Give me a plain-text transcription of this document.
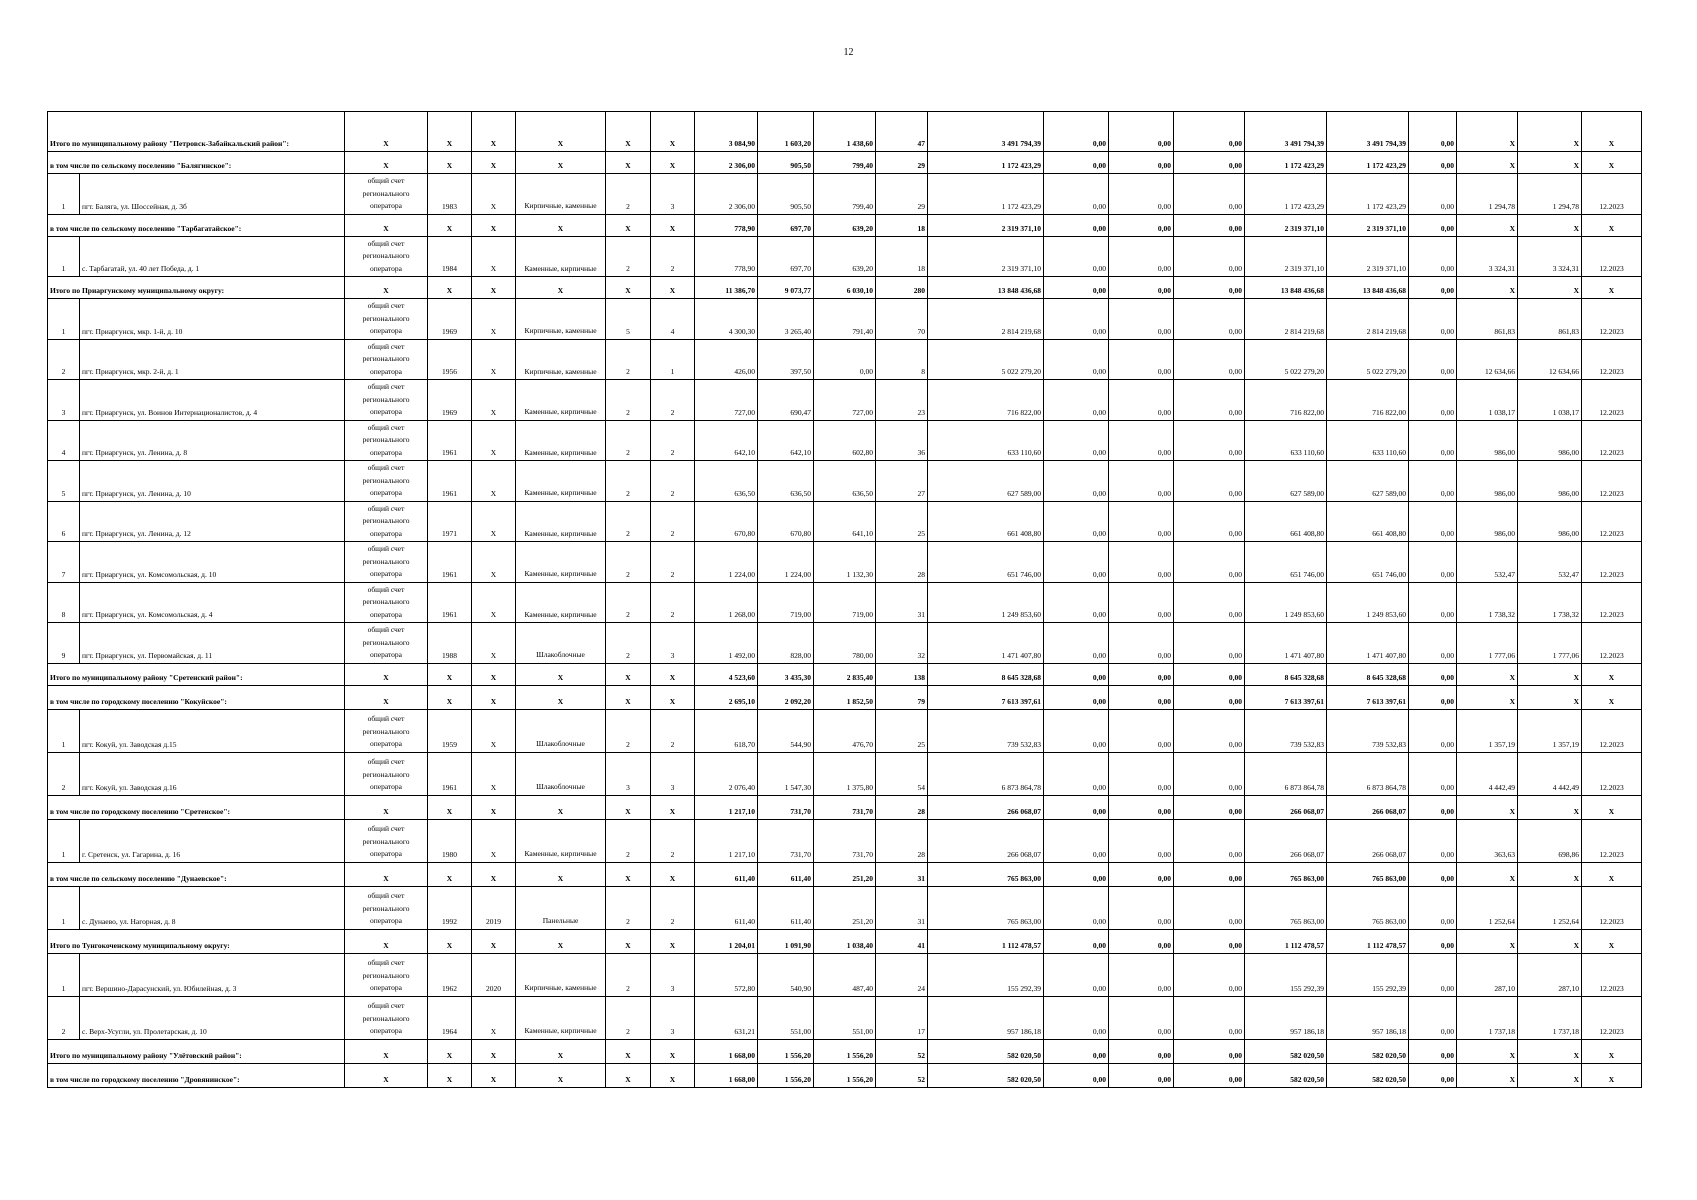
12
Итого по муниципальному району "Петровск-Забайкальский район":		X	X	X	X	X	X	3 084,90	1 603,20	1 438,60	47	3 491 794,39	0,00	0,00	0,00	3 491 794,39	3 491 794,39	0,00	X	X	X
в том числе по сельскому поселению "Балягинское":		X	X	X	X	X	X	2 306,00	905,50	799,40	29	1 172 423,29	0,00	0,00	0,00	1 172 423,29	1 172 423,29	0,00	X	X	X
1	пгт. Баляга, ул. Шоссейная, д. 3б	общий счет регионального оператора	1983	X	Кирпичные, каменные	2	3	2 306,00	905,50	799,40	29	1 172 423,29	0,00	0,00	0,00	1 172 423,29	1 172 423,29	0,00	1 294,78	1 294,78	12.2023
в том числе по сельскому поселению "Тарбагатайское":		X	X	X	X	X	X	778,90	697,70	639,20	18	2 319 371,10	0,00	0,00	0,00	2 319 371,10	2 319 371,10	0,00	X	X	X
1	с. Тарбагатай, ул. 40 лет Победа, д. 1	общий счет регионального оператора	1984	X	Каменные, кирпичные	2	2	778,90	697,70	639,20	18	2 319 371,10	0,00	0,00	0,00	2 319 371,10	2 319 371,10	0,00	3 324,31	3 324,31	12.2023
Итого по Приаргунскому муниципальному округу:		X	X	X	X	X	X	11 386,70	9 073,77	6 030,10	280	13 848 436,68	0,00	0,00	0,00	13 848 436,68	13 848 436,68	0,00	X	X	X
1	пгт. Приаргунск, мкр. 1-й, д. 10	общий счет регионального оператора	1969	X	Кирпичные, каменные	5	4	4 300,30	3 265,40	791,40	70	2 814 219,68	0,00	0,00	0,00	2 814 219,68	2 814 219,68	0,00	861,83	861,83	12.2023
2	пгт. Приаргунск, мкр. 2-й, д. 1	общий счет регионального оператора	1956	X	Кирпичные, каменные	2	1	426,00	397,50	0,00	8	5 022 279,20	0,00	0,00	0,00	5 022 279,20	5 022 279,20	0,00	12 634,66	12 634,66	12.2023
3	пгт. Приаргунск, ул. Воинов Интернационалистов, д. 4	общий счет регионального оператора	1969	X	Каменные, кирпичные	2	2	727,00	690,47	727,00	23	716 822,00	0,00	0,00	0,00	716 822,00	716 822,00	0,00	1 038,17	1 038,17	12.2023
4	пгт. Приаргунск, ул. Ленина, д. 8	общий счет регионального оператора	1961	X	Каменные, кирпичные	2	2	642,10	642,10	602,80	36	633 110,60	0,00	0,00	0,00	633 110,60	633 110,60	0,00	986,00	986,00	12.2023
5	пгт. Приаргунск, ул. Ленина, д. 10	общий счет регионального оператора	1961	X	Каменные, кирпичные	2	2	636,50	636,50	636,50	27	627 589,00	0,00	0,00	0,00	627 589,00	627 589,00	0,00	986,00	986,00	12.2023
6	пгт. Приаргунск, ул. Ленина, д. 12	общий счет регионального оператора	1971	X	Каменные, кирпичные	2	2	670,80	670,80	641,10	25	661 408,80	0,00	0,00	0,00	661 408,80	661 408,80	0,00	986,00	986,00	12.2023
7	пгт. Приаргунск, ул. Комсомольская, д. 10	общий счет регионального оператора	1961	X	Каменные, кирпичные	2	2	1 224,00	1 224,00	1 132,30	28	651 746,00	0,00	0,00	0,00	651 746,00	651 746,00	0,00	532,47	532,47	12.2023
8	пгт. Приаргунск, ул. Комсомольская, д. 4	общий счет регионального оператора	1961	X	Каменные, кирпичные	2	2	1 268,00	719,00	719,00	31	1 249 853,60	0,00	0,00	0,00	1 249 853,60	1 249 853,60	0,00	1 738,32	1 738,32	12.2023
9	пгт. Приаргунск, ул. Первомайская, д. 11	общий счет регионального оператора	1988	X	Шлакоблочные	2	3	1 492,00	828,00	780,00	32	1 471 407,80	0,00	0,00	0,00	1 471 407,80	1 471 407,80	0,00	1 777,06	1 777,06	12.2023
Итого по муниципальному району "Сретенский район":		X	X	X	X	X	X	4 523,60	3 435,30	2 835,40	138	8 645 328,68	0,00	0,00	0,00	8 645 328,68	8 645 328,68	0,00	X	X	X
в том числе по городскому поселению "Кокуйское":		X	X	X	X	X	X	2 695,10	2 092,20	1 852,50	79	7 613 397,61	0,00	0,00	0,00	7 613 397,61	7 613 397,61	0,00	X	X	X
1	пгт. Кокуй, ул. Заводская д.15	общий счет регионального оператора	1959	X	Шлакоблочные	2	2	618,70	544,90	476,70	25	739 532,83	0,00	0,00	0,00	739 532,83	739 532,83	0,00	1 357,19	1 357,19	12.2023
2	пгт. Кокуй, ул. Заводская д.16	общий счет регионального оператора	1961	X	Шлакоблочные	3	3	2 076,40	1 547,30	1 375,80	54	6 873 864,78	0,00	0,00	0,00	6 873 864,78	6 873 864,78	0,00	4 442,49	4 442,49	12.2023
в том числе по городскому поселению "Сретенское":		X	X	X	X	X	X	1 217,10	731,70	731,70	28	266 068,07	0,00	0,00	0,00	266 068,07	266 068,07	0,00	X	X	X
1	г. Сретенск, ул. Гагарина, д. 16	общий счет регионального оператора	1980	X	Каменные, кирпичные	2	2	1 217,10	731,70	731,70	28	266 068,07	0,00	0,00	0,00	266 068,07	266 068,07	0,00	363,63	698,86	12.2023
в том числе по сельскому поселению "Дунаевское":		X	X	X	X	X	X	611,40	611,40	251,20	31	765 863,00	0,00	0,00	0,00	765 863,00	765 863,00	0,00	X	X	X
1	с. Дунаево, ул. Нагорная, д. 8	общий счет регионального оператора	1992	2019	Панельные	2	2	611,40	611,40	251,20	31	765 863,00	0,00	0,00	0,00	765 863,00	765 863,00	0,00	1 252,64	1 252,64	12.2023
Итого по Тунгокоченскому муниципальному округу:		X	X	X	X	X	X	1 204,01	1 091,90	1 038,40	41	1 112 478,57	0,00	0,00	0,00	1 112 478,57	1 112 478,57	0,00	X	X	X
1	пгт. Вершино-Дарасунский, ул. Юбилейная, д. 3	общий счет регионального оператора	1962	2020	Кирпичные, каменные	2	3	572,80	540,90	487,40	24	155 292,39	0,00	0,00	0,00	155 292,39	155 292,39	0,00	287,10	287,10	12.2023
2	с. Верх-Усугли, ул. Пролетарская, д. 10	общий счет регионального оператора	1964	X	Каменные, кирпичные	2	3	631,21	551,00	551,00	17	957 186,18	0,00	0,00	0,00	957 186,18	957 186,18	0,00	1 737,18	1 737,18	12.2023
Итого по муниципальному району "Улётовский район":		X	X	X	X	X	X	1 668,00	1 556,20	1 556,20	52	582 020,50	0,00	0,00	0,00	582 020,50	582 020,50	0,00	X	X	X
в том числе по городскому поселению "Дровянинское":		X	X	X	X	X	X	1 668,00	1 556,20	1 556,20	52	582 020,50	0,00	0,00	0,00	582 020,50	582 020,50	0,00	X	X	X
